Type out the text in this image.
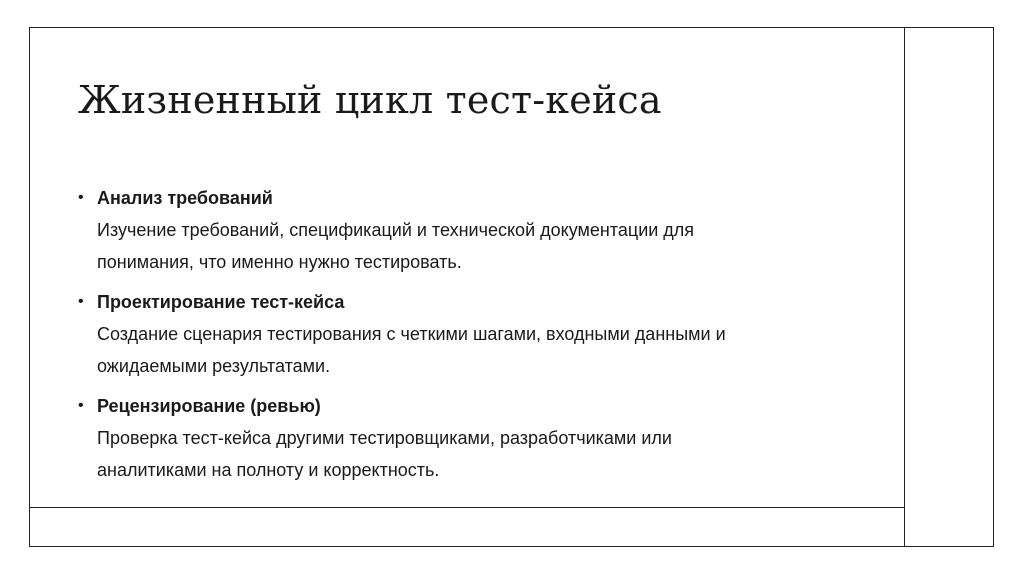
Жизненный цикл тест-кейса
• Анализ требований
Изучение требований, спецификаций и технической документации для
понимания, что именно нужно тестировать.
• Проектирование тест-кейса
Создание сценария тестирования с четкими шагами, входными данными и
ожидаемыми результатами.
• Рецензирование (ревью)
Проверка тест-кейса другими тестировщиками, разработчиками или
аналитиками на полноту и корректность.
